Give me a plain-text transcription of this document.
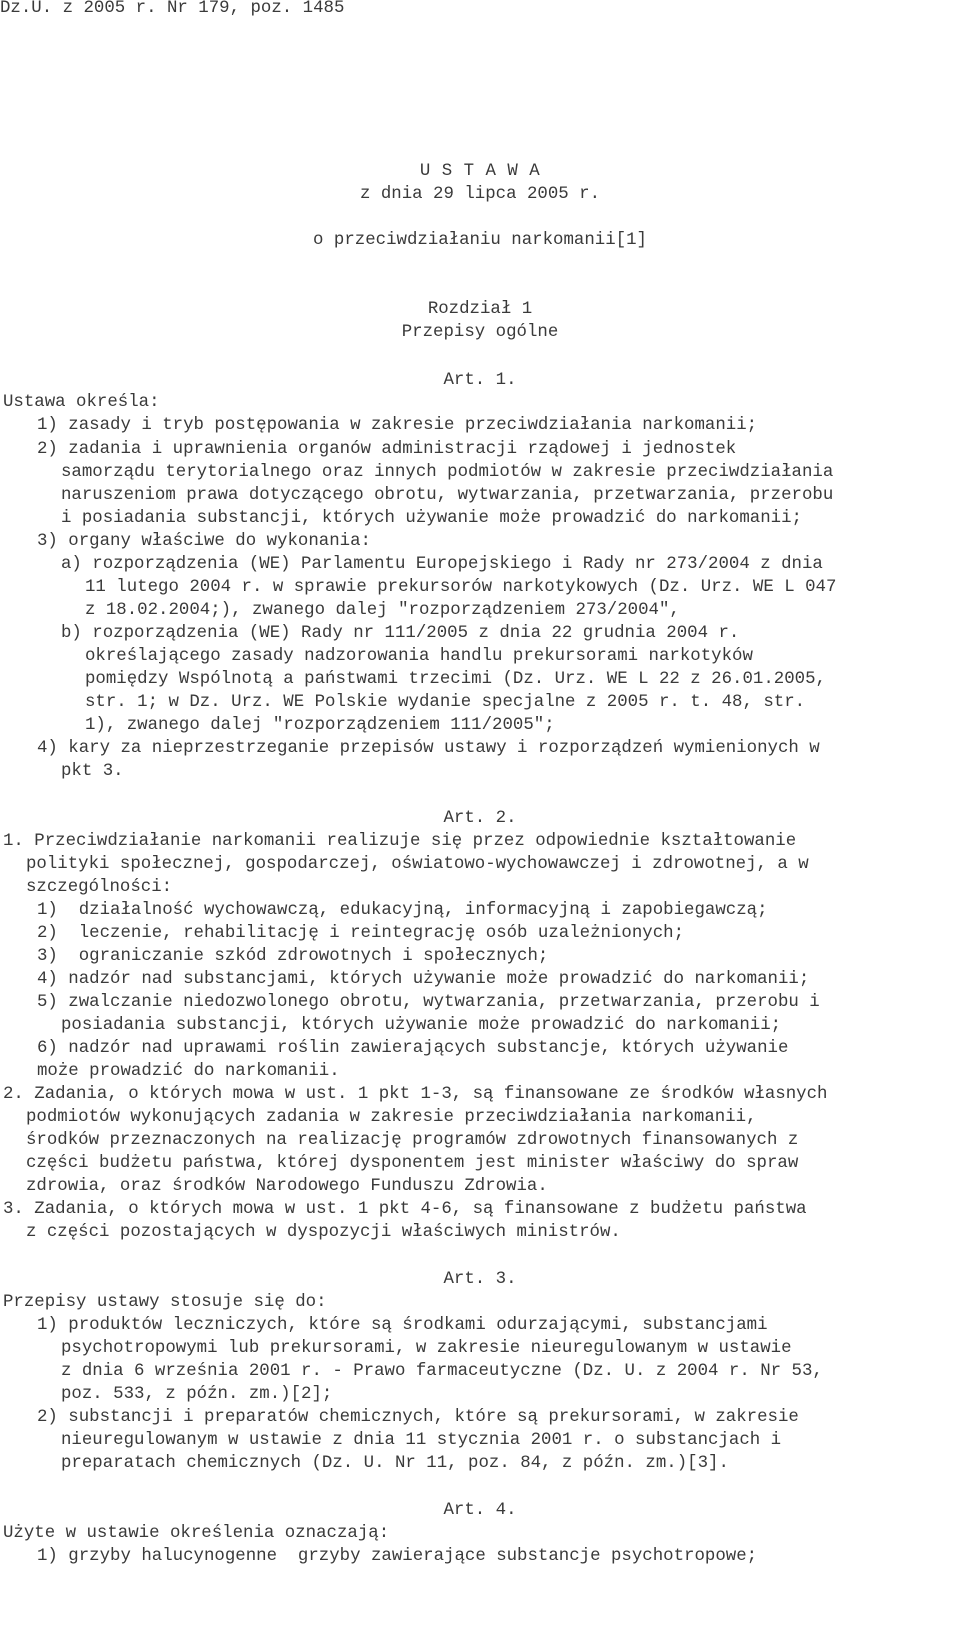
Dz.U. z 2005 r. Nr 179, poz. 1485
U S T A W A
z dnia 29 lipca 2005 r.
o przeciwdziałaniu narkomanii[1]
Rozdział 1
Przepisy ogólne
Art. 1.
Ustawa określa:
1) zasady i tryb postępowania w zakresie przeciwdziałania narkomanii;
2) zadania i uprawnienia organów administracji rządowej i jednostek
samorządu terytorialnego oraz innych podmiotów w zakresie przeciwdziałania
naruszeniom prawa dotyczącego obrotu, wytwarzania, przetwarzania, przerobu
i posiadania substancji, których używanie może prowadzić do narkomanii;
3) organy właściwe do wykonania:
a) rozporządzenia (WE) Parlamentu Europejskiego i Rady nr 273/2004 z dnia
11 lutego 2004 r. w sprawie prekursorów narkotykowych (Dz. Urz. WE L 047
z 18.02.2004;), zwanego dalej "rozporządzeniem 273/2004",
b) rozporządzenia (WE) Rady nr 111/2005 z dnia 22 grudnia 2004 r.
określającego zasady nadzorowania handlu prekursorami narkotyków
pomiędzy Wspólnotą a państwami trzecimi (Dz. Urz. WE L 22 z 26.01.2005,
str. 1; w Dz. Urz. WE Polskie wydanie specjalne z 2005 r. t. 48, str.
1), zwanego dalej "rozporządzeniem 111/2005";
4) kary za nieprzestrzeganie przepisów ustawy i rozporządzeń wymienionych w
pkt 3.
Art. 2.
1. Przeciwdziałanie narkomanii realizuje się przez odpowiednie kształtowanie
polityki społecznej, gospodarczej, oświatowo-wychowawczej i zdrowotnej, a w
szczególności:
1)  działalność wychowawczą, edukacyjną, informacyjną i zapobiegawczą;
2)  leczenie, rehabilitację i reintegrację osób uzależnionych;
3)  ograniczanie szkód zdrowotnych i społecznych;
4) nadzór nad substancjami, których używanie może prowadzić do narkomanii;
5) zwalczanie niedozwolonego obrotu, wytwarzania, przetwarzania, przerobu i
posiadania substancji, których używanie może prowadzić do narkomanii;
6) nadzór nad uprawami roślin zawierających substancje, których używanie
może prowadzić do narkomanii.
2. Zadania, o których mowa w ust. 1 pkt 1-3, są finansowane ze środków własnych
podmiotów wykonujących zadania w zakresie przeciwdziałania narkomanii,
środków przeznaczonych na realizację programów zdrowotnych finansowanych z
części budżetu państwa, której dysponentem jest minister właściwy do spraw
zdrowia, oraz środków Narodowego Funduszu Zdrowia.
3. Zadania, o których mowa w ust. 1 pkt 4-6, są finansowane z budżetu państwa
z części pozostających w dyspozycji właściwych ministrów.
Art. 3.
Przepisy ustawy stosuje się do:
1) produktów leczniczych, które są środkami odurzającymi, substancjami
psychotropowymi lub prekursorami, w zakresie nieuregulowanym w ustawie
z dnia 6 września 2001 r. - Prawo farmaceutyczne (Dz. U. z 2004 r. Nr 53,
poz. 533, z późn. zm.)[2];
2) substancji i preparatów chemicznych, które są prekursorami, w zakresie
nieuregulowanym w ustawie z dnia 11 stycznia 2001 r. o substancjach i
preparatach chemicznych (Dz. U. Nr 11, poz. 84, z późn. zm.)[3].
Art. 4.
Użyte w ustawie określenia oznaczają:
1) grzyby halucynogenne  grzyby zawierające substancje psychotropowe;
